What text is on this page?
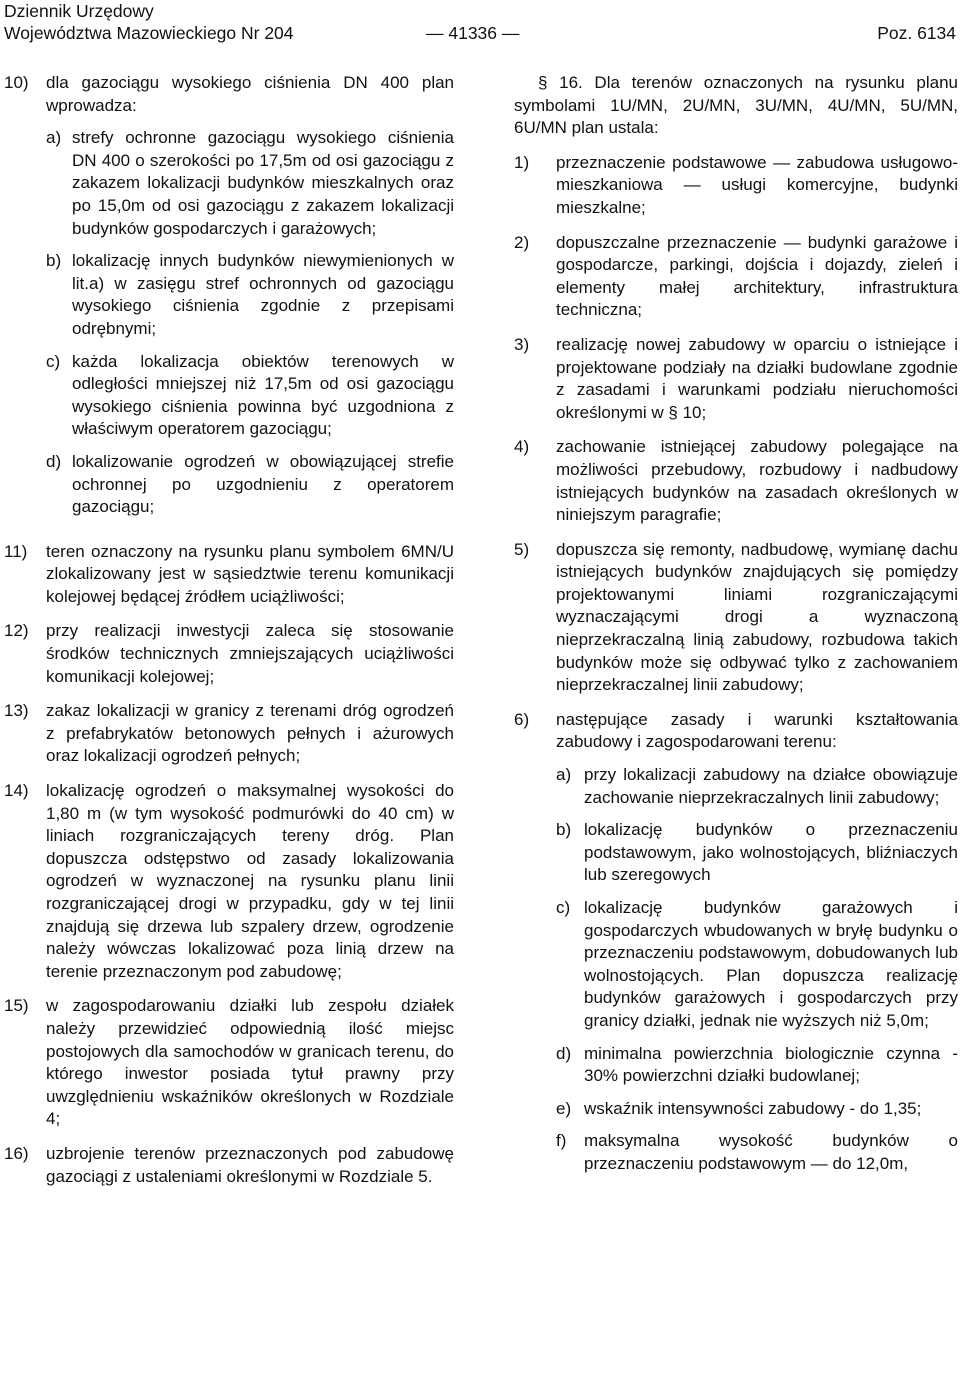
Dziennik Urzędowy
Województwa Mazowieckiego Nr 204	— 41336 —	Poz. 6134
10)	dla gazociągu wysokiego ciśnienia DN 400 plan wprowadza:
a) strefy ochronne gazociągu wysokiego ciśnienia DN 400 o szerokości po 17,5m od osi gazociągu z zakazem lokalizacji budynków mieszkalnych oraz po 15,0m od osi gazociągu z zakazem lokalizacji budynków gospodarczych i garażowych;
b) lokalizację innych budynków niewymienionych w lit.a) w zasięgu stref ochronnych od gazociągu wysokiego ciśnienia zgodnie z przepisami odrębnymi;
c) każda lokalizacja obiektów terenowych w odległości mniejszej niż 17,5m od osi gazociągu wysokiego ciśnienia powinna być uzgodniona z właściwym operatorem gazociągu;
d) lokalizowanie ogrodzeń w obowiązującej strefie ochronnej po uzgodnieniu z operatorem gazociągu;
11)	teren oznaczony na rysunku planu symbolem 6MN/U zlokalizowany jest w sąsiedztwie terenu komunikacji kolejowej będącej źródłem uciążliwości;
12)	przy realizacji inwestycji zaleca się stosowanie środków technicznych zmniejszających uciążliwości komunikacji kolejowej;
13)	zakaz lokalizacji w granicy z terenami dróg ogrodzeń z prefabrykatów betonowych pełnych i ażurowych oraz lokalizacji ogrodzeń pełnych;
14)	lokalizację ogrodzeń o maksymalnej wysokości do 1,80 m (w tym wysokość podmurówki do 40 cm) w liniach rozgraniczających tereny dróg. Plan dopuszcza odstępstwo od zasady lokalizowania ogrodzeń w wyznaczonej na rysunku planu linii rozgraniczającej drogi w przypadku, gdy w tej linii znajdują się drzewa lub szpalery drzew, ogrodzenie należy wówczas lokalizować poza linią drzew na terenie przeznaczonym pod zabudowę;
15)	w zagospodarowaniu działki lub zespołu działek należy przewidzieć odpowiednią ilość miejsc postojowych dla samochodów w granicach terenu, do którego inwestor posiada tytuł prawny przy uwzględnieniu wskaźników określonych w Rozdziale 4;
16)	uzbrojenie terenów przeznaczonych pod zabudowę gazociągi z ustaleniami określonymi w Rozdziale 5.

§ 16. Dla terenów oznaczonych na rysunku planu symbolami 1U/MN, 2U/MN, 3U/MN, 4U/MN, 5U/MN, 6U/MN plan ustala:

1)	przeznaczenie podstawowe — zabudowa usługowo-mieszkaniowa — usługi komercyjne, budynki mieszkalne;
2)	dopuszczalne przeznaczenie — budynki garażowe i gospodarcze, parkingi, dojścia i dojazdy, zieleń i elementy małej architektury, infrastruktura techniczna;
3)	realizację nowej zabudowy w oparciu o istniejące i projektowane podziały na działki budowlane zgodnie z zasadami i warunkami podziału nieruchomości określonymi w § 10;
4)	zachowanie istniejącej zabudowy polegające na możliwości przebudowy, rozbudowy i nadbudowy istniejących budynków na zasadach określonych w niniejszym paragrafie;
5)	dopuszcza się remonty, nadbudowę, wymianę dachu istniejących budynków znajdujących się pomiędzy projektowanymi liniami rozgraniczającymi wyznaczającymi drogi a wyznaczoną nieprzekraczalną linią zabudowy, rozbudowa takich budynków może się odbywać tylko z zachowaniem nieprzekraczalnej linii zabudowy;
6)	następujące zasady i warunki kształtowania zabudowy i zagospodarowani terenu:
a) przy lokalizacji zabudowy na działce obowiązuje zachowanie nieprzekraczalnych linii zabudowy;
b) lokalizację budynków o przeznaczeniu podstawowym, jako wolnostojących, bliźniaczych lub szeregowych
c) lokalizację budynków garażowych i gospodarczych wbudowanych w bryłę budynku o przeznaczeniu podstawowym, dobudowanych lub wolnostojących. Plan dopuszcza realizację budynków garażowych i gospodarczych przy granicy działki, jednak nie wyższych niż 5,0m;
d) minimalna powierzchnia biologicznie czynna - 30% powierzchni działki budowlanej;
e) wskaźnik intensywności zabudowy - do 1,35;
f)	maksymalna wysokość budynków o przeznaczeniu podstawowym — do 12,0m,
